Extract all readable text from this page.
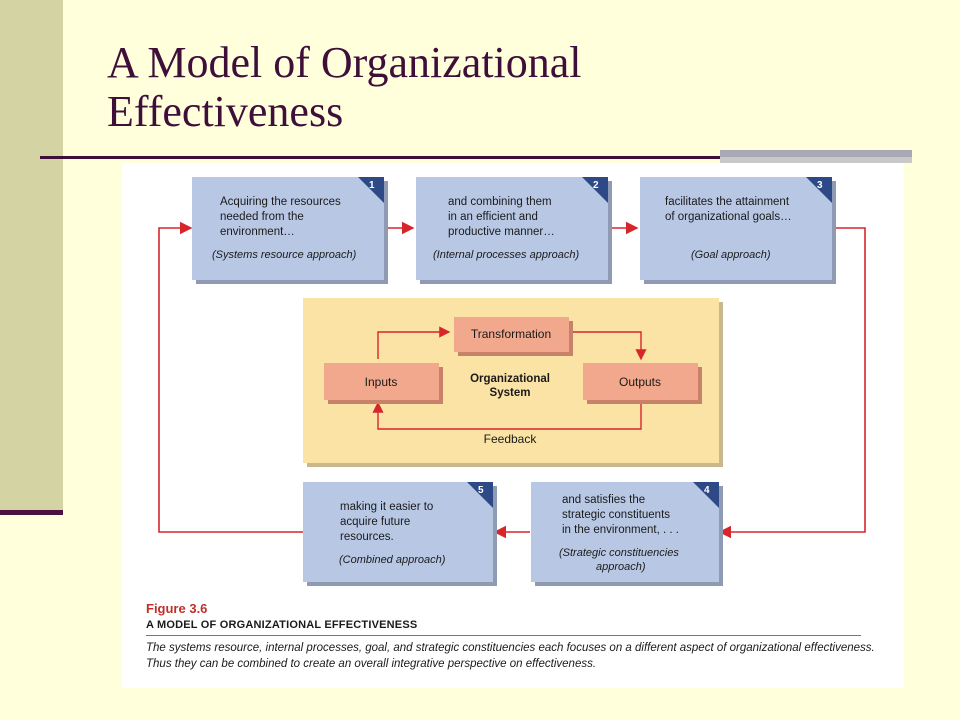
A Model of Organizational
Effectiveness
1
Acquiring the resources
needed from the
environment…
(Systems resource approach)
2
and combining them
in an efficient and
productive manner…
(Internal processes approach)
3
facilitates the attainment
of organizational goals…
(Goal approach)
4
and satisfies the
strategic constituents
in the environment, . . .
(Strategic constituencies
approach)
5
making it easier to
acquire future
resources.
(Combined approach)
Inputs
Transformation
Outputs
Organizational
System
Feedback
Figure 3.6
A MODEL OF ORGANIZATIONAL EFFECTIVENESS
The systems resource, internal processes, goal, and strategic constituencies each focuses on a different aspect of organizational effectiveness. Thus they can be combined to create an overall integrative perspective on effectiveness.
